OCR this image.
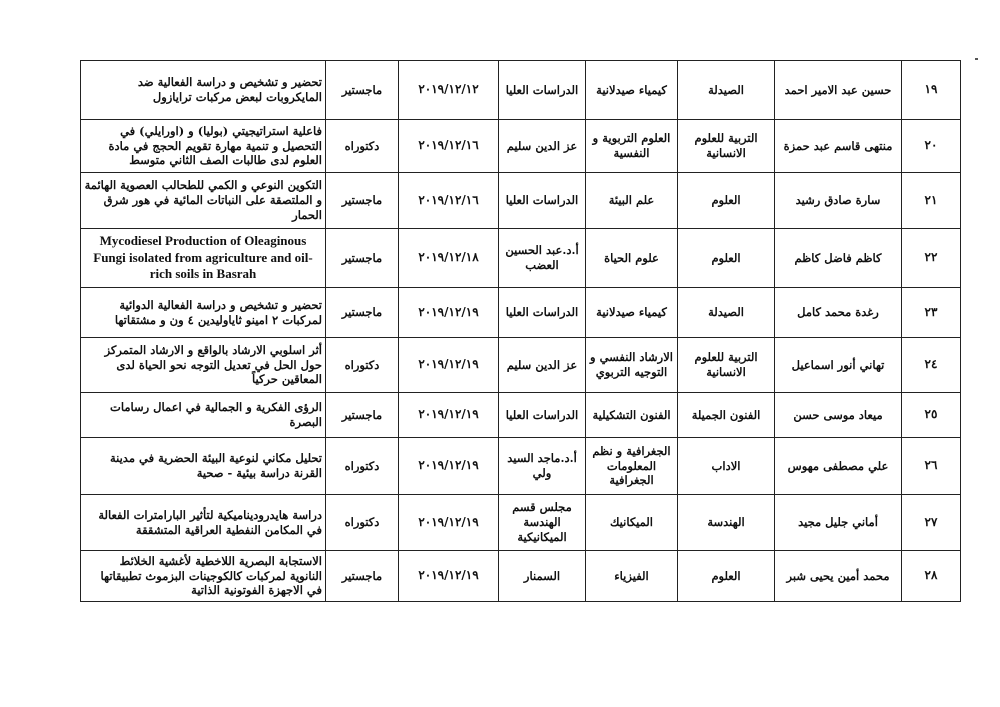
١٩	حسين عبد الامير احمد	الصيدلة	كيمياء صيدلانية	الدراسات العليا	٢٠١٩/١٢/١٢	ماجستير	تحضير و تشخيص و دراسة الفعالية ضد المايكروبات لبعض مركبات ترايازول
٢٠	منتهى قاسم عبد حمزة	التربية للعلوم الانسانية	العلوم التربوية و النفسية	عز الدين سليم	٢٠١٩/١٢/١٦	دكتوراه	فاعلية استراتيجيتي (بوليا) و (اورايلي) في التحصيل و تنمية مهارة تقويم الحجج في مادة العلوم لدى طالبات الصف الثاني متوسط
٢١	سارة صادق رشيد	العلوم	علم البيئة	الدراسات العليا	٢٠١٩/١٢/١٦	ماجستير	التكوين النوعي و الكمي للطحالب العصوية الهائمة و الملتصقة على النباتات المائية في هور شرق الحمار
٢٢	كاظم فاضل كاظم	العلوم	علوم الحياة	أ.د.عبد الحسين العضب	٢٠١٩/١٢/١٨	ماجستير	Mycodiesel Production of Oleaginous Fungi isolated from agriculture and oil-rich soils in Basrah
٢٣	رغدة محمد كامل	الصيدلة	كيمياء صيدلانية	الدراسات العليا	٢٠١٩/١٢/١٩	ماجستير	تحضير و تشخيص و دراسة الفعالية الدوائية لمركبات ٢ امينو ثاياوليدين ٤ ون و مشتقاتها
٢٤	تهاني أنور اسماعيل	التربية للعلوم الانسانية	الارشاد النفسي و التوجيه التربوي	عز الدين سليم	٢٠١٩/١٢/١٩	دكتوراه	أثر اسلوبي الارشاد بالواقع و الارشاد المتمركز حول الحل في تعديل التوجه نحو الحياة لدى المعاقين حركياً
٢٥	ميعاد موسى حسن	الفنون الجميلة	الفنون التشكيلية	الدراسات العليا	٢٠١٩/١٢/١٩	ماجستير	الرؤى الفكرية و الجمالية في اعمال رسامات البصرة
٢٦	علي مصطفى مهوس	الاداب	الجغرافية و نظم المعلومات الجغرافية	أ.د.ماجد السيد ولي	٢٠١٩/١٢/١٩	دكتوراه	تحليل مكاني لنوعية البيئة الحضرية في مدينة القرنة دراسة بيئية - صحية
٢٧	أماني جليل مجيد	الهندسة	الميكانيك	مجلس قسم الهندسة الميكانيكية	٢٠١٩/١٢/١٩	دكتوراه	دراسة هايدروديناميكية لتأثير البارامترات الفعالة في المكامن النفطية العراقية المتشققة
٢٨	محمد أمين يحيى شبر	العلوم	الفيزياء	السمنار	٢٠١٩/١٢/١٩	ماجستير	الاستجابة البصرية اللاخطية لأغشية الخلائط النانوية لمركبات كالكوجينات البزموث تطبيقاتها في الاجهزة الفوتونية الذاتية
